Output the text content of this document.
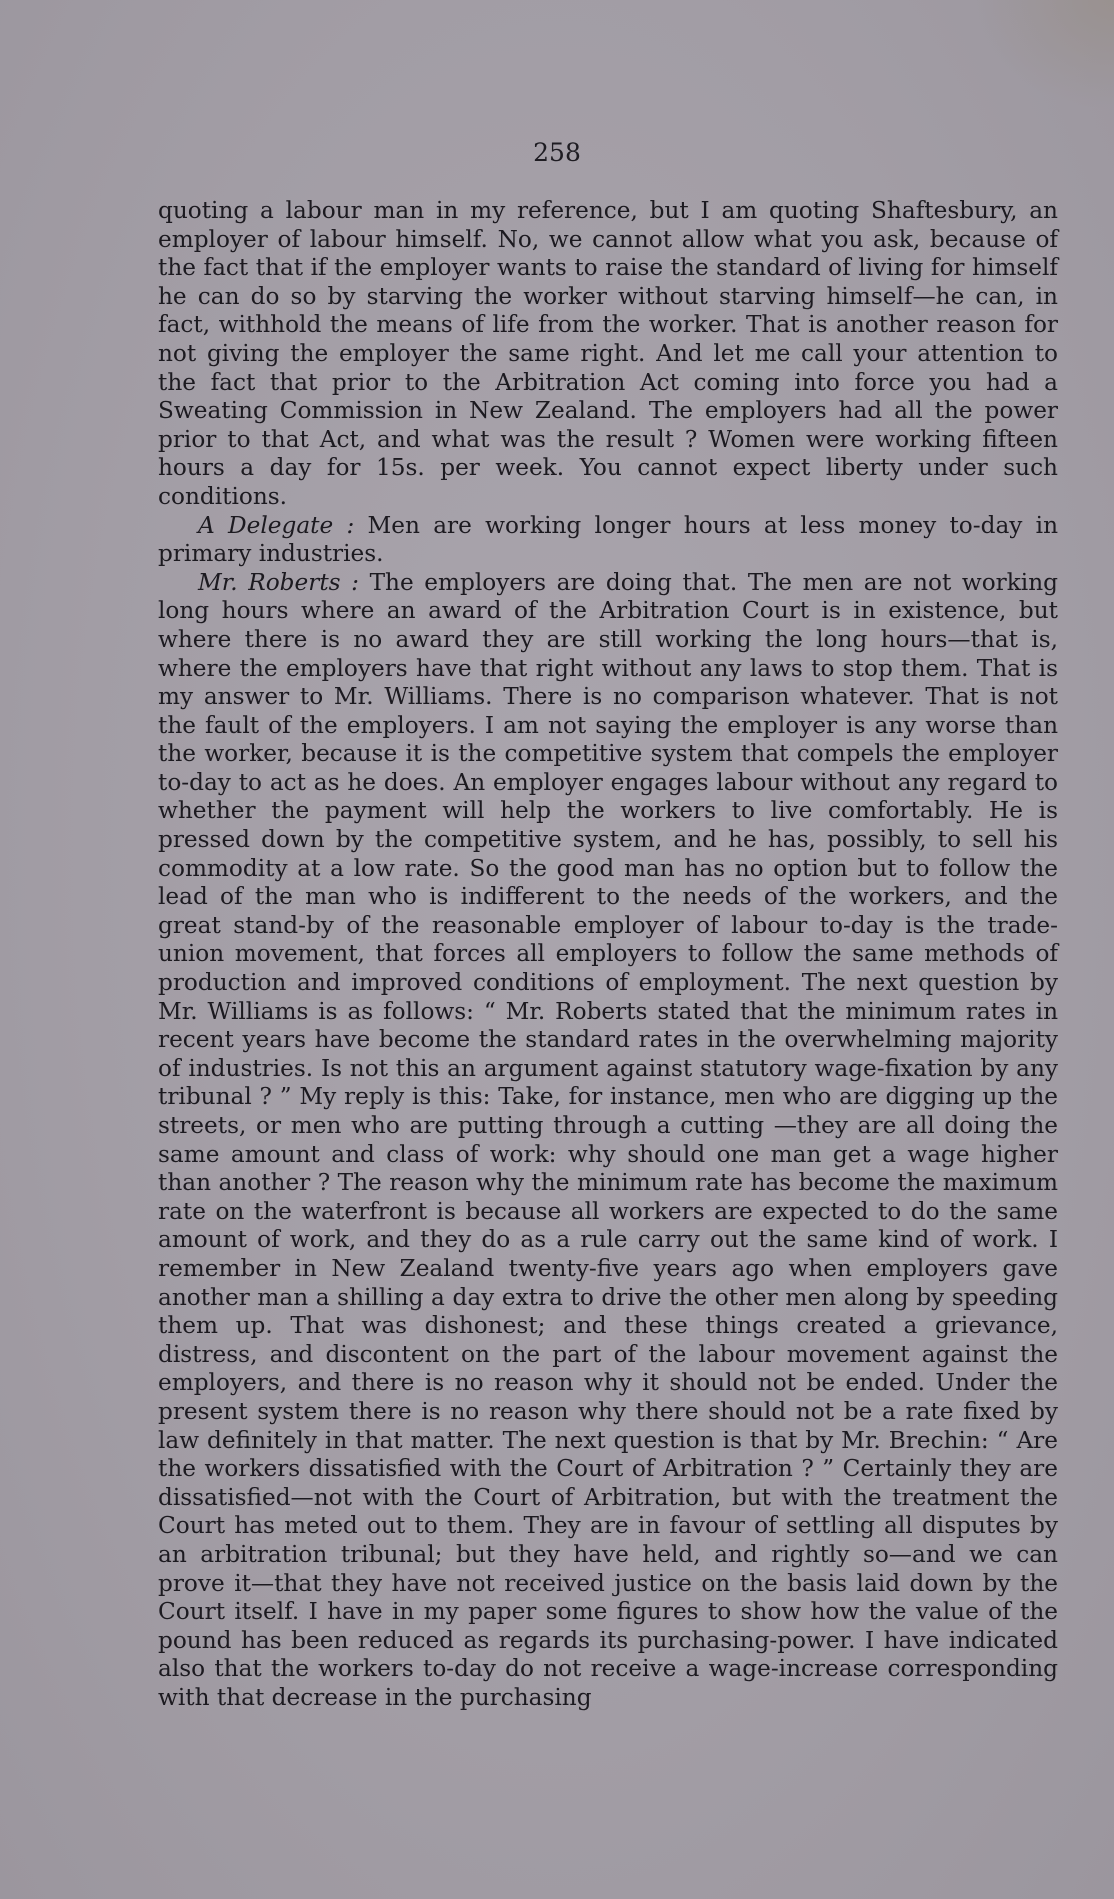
258

quoting a labour man in my reference, but I am quoting Shaftesbury, an employer of labour himself. No, we cannot allow what you ask, because of the fact that if the employer wants to raise the standard of living for himself he can do so by starving the worker without starving himself—he can, in fact, withhold the means of life from the worker. That is another reason for not giving the employer the same right. And let me call your attention to the fact that prior to the Arbitration Act coming into force you had a Sweating Commission in New Zealand. The employers had all the power prior to that Act, and what was the result ? Women were working fifteen hours a day for 15s. per week. You cannot expect liberty under such conditions.

A Delegate : Men are working longer hours at less money to-day in primary industries.

Mr. Roberts : The employers are doing that. The men are not working long hours where an award of the Arbitration Court is in existence, but where there is no award they are still working the long hours—that is, where the employers have that right without any laws to stop them. That is my answer to Mr. Williams. There is no comparison whatever. That is not the fault of the employers. I am not saying the employer is any worse than the worker, because it is the competitive system that compels the employer to-day to act as he does. An employer engages labour without any regard to whether the payment will help the workers to live comfortably. He is pressed down by the competitive system, and he has, possibly, to sell his commodity at a low rate. So the good man has no option but to follow the lead of the man who is indifferent to the needs of the workers, and the great stand-by of the reasonable employer of labour to-day is the trade-union movement, that forces all employers to follow the same methods of production and improved conditions of employment. The next question by Mr. Williams is as follows: “ Mr. Roberts stated that the minimum rates in recent years have become the standard rates in the overwhelming majority of industries. Is not this an argument against statutory wage-fixation by any tribunal ? ” My reply is this: Take, for instance, men who are digging up the streets, or men who are putting through a cutting —they are all doing the same amount and class of work: why should one man get a wage higher than another ? The reason why the minimum rate has become the maximum rate on the waterfront is because all workers are expected to do the same amount of work, and they do as a rule carry out the same kind of work. I remember in New Zealand twenty-five years ago when employers gave another man a shilling a day extra to drive the other men along by speeding them up. That was dishonest; and these things created a grievance, distress, and discontent on the part of the labour movement against the employers, and there is no reason why it should not be ended. Under the present system there is no reason why there should not be a rate fixed by law definitely in that matter. The next question is that by Mr. Brechin: “ Are the workers dissatisfied with the Court of Arbitration ? ” Certainly they are dissatisfied—not with the Court of Arbitration, but with the treatment the Court has meted out to them. They are in favour of settling all disputes by an arbitration tribunal; but they have held, and rightly so—and we can prove it—that they have not received justice on the basis laid down by the Court itself. I have in my paper some figures to show how the value of the pound has been reduced as regards its purchasing-power. I have indicated also that the workers to-day do not receive a wage-increase corresponding with that decrease in the purchasing
